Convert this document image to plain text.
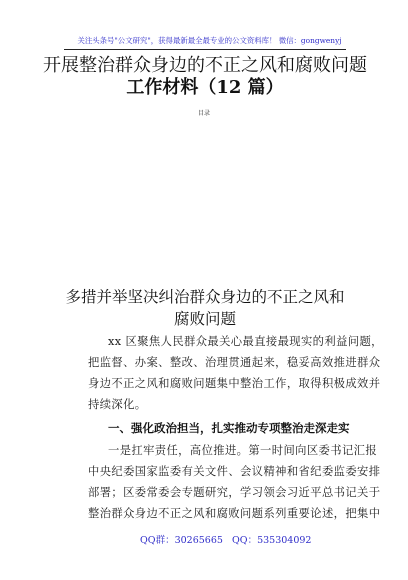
关注头条号"公文研究"，获得最新最全最专业的公文资料库！ 微信：gongwenyj
开展整治群众身边的不正之风和腐败问题
工作材料（12 篇）
目录
多措并举坚决纠治群众身边的不正之风和
腐败问题
xx 区聚焦人民群众最关心最直接最现实的利益问题，
把监督、办案、整改、治理贯通起来，稳妥高效推进群众
身边不正之风和腐败问题集中整治工作，取得积极成效并
持续深化。
一、强化政治担当，扎实推动专项整治走深走实
一是扛牢责任，高位推进。第一时间向区委书记汇报
中央纪委国家监委有关文件、会议精神和省纪委监委安排
部署；区委常委会专题研究，学习领会习近平总书记关于
整治群众身边不正之风和腐败问题系列重要论述，把集中
QQ群：30265665 QQ：535304092
